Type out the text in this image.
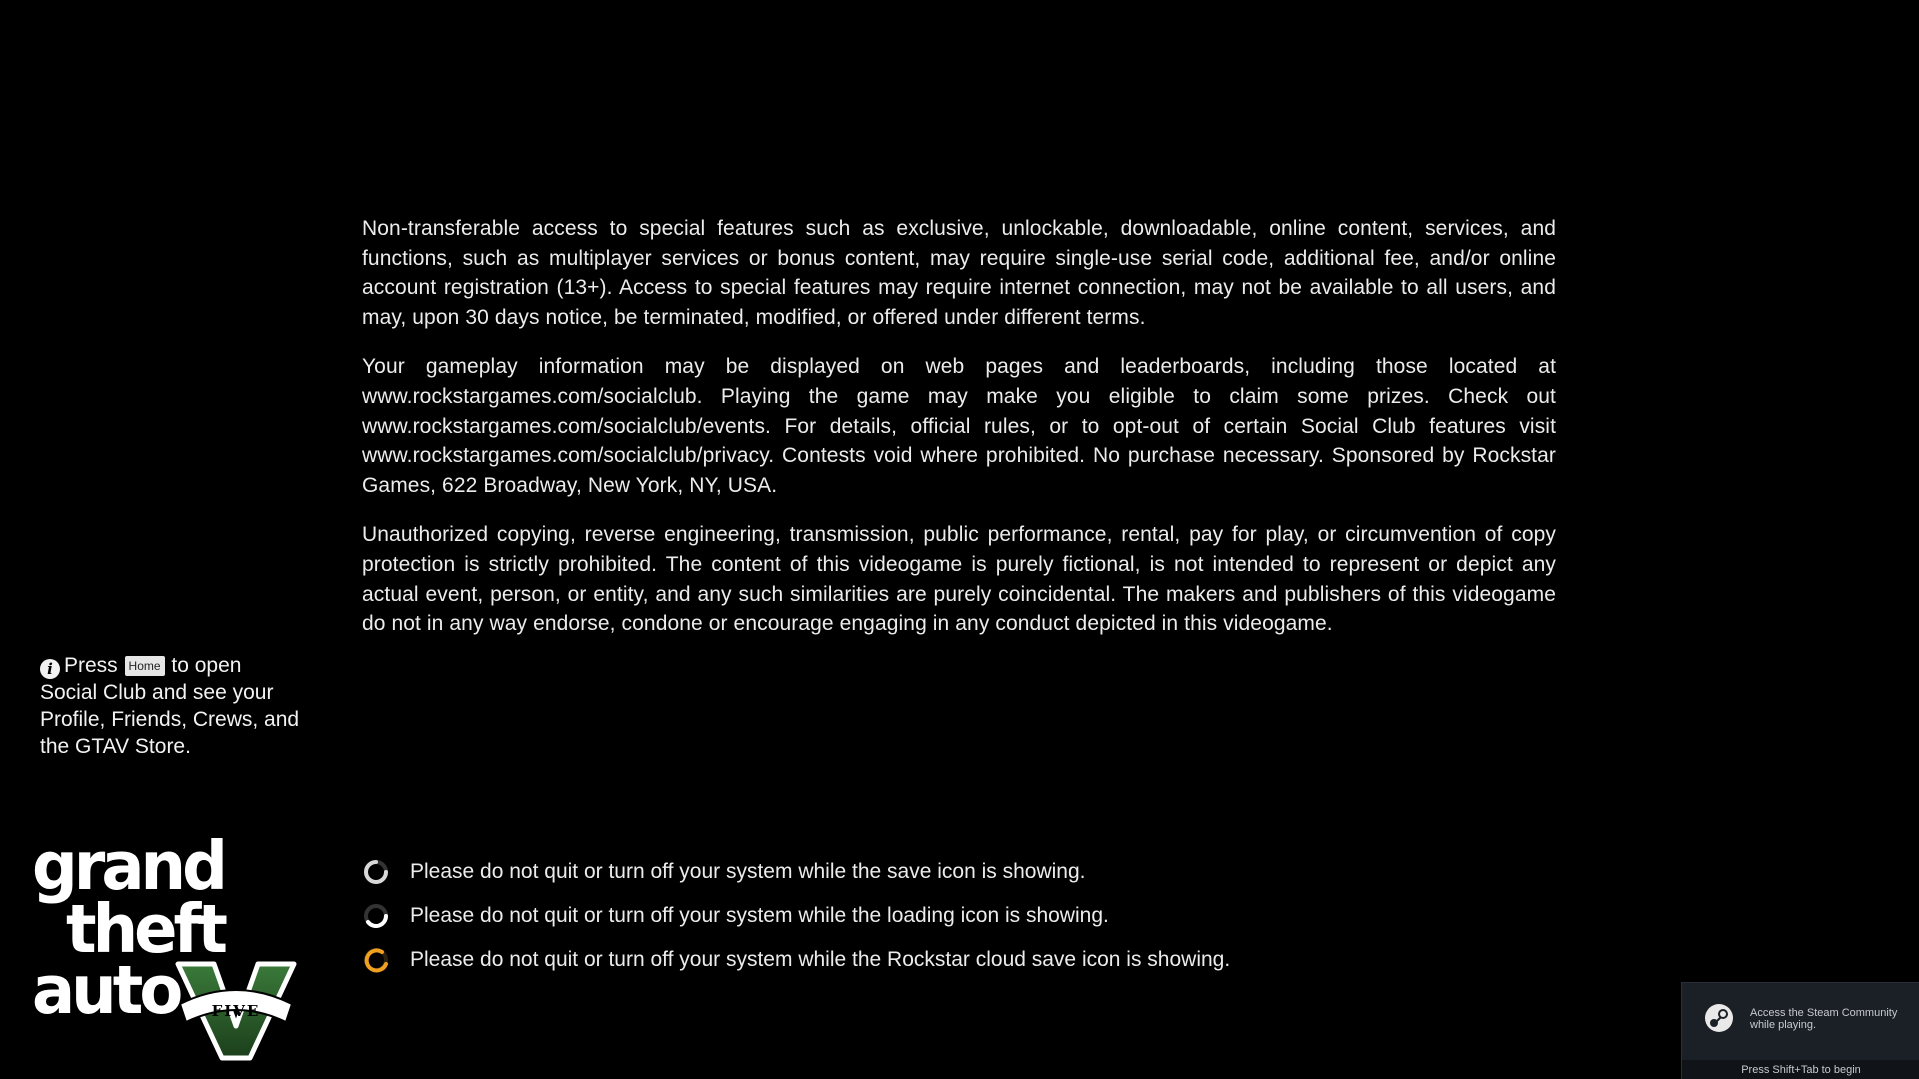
Non-transferable access to special features such as exclusive, unlockable, downloadable, online content, services, and functions, such as multiplayer services or bonus content, may require single-use serial code, additional fee, and/or online account registration (13+). Access to special features may require internet connection, may not be available to all users, and may, upon 30 days notice, be terminated, modified, or offered under different terms.

Your gameplay information may be displayed on web pages and leaderboards, including those located at www.rockstargames.com/socialclub. Playing the game may make you eligible to claim some prizes. Check out www.rockstargames.com/socialclub/events. For details, official rules, or to opt-out of certain Social Club features visit www.rockstargames.com/socialclub/privacy. Contests void where prohibited. No purchase necessary. Sponsored by Rockstar Games, 622 Broadway, New York, NY, USA.

Unauthorized copying, reverse engineering, transmission, public performance, rental, pay for play, or circumvention of copy protection is strictly prohibited. The content of this videogame is purely fictional, is not intended to represent or depict any actual event, person, or entity, and any such similarities are purely coincidental. The makers and publishers of this videogame do not in any way endorse, condone or encourage engaging in any conduct depicted in this videogame.

i Press Home to open Social Club and see your Profile, Friends, Crews, and the GTAV Store.
FIVE
grand
theft
auto
Please do not quit or turn off your system while the save icon is showing.
Please do not quit or turn off your system while the loading icon is showing.
Please do not quit or turn off your system while the Rockstar cloud save icon is showing.
Access the Steam Community while playing.
Press Shift+Tab to begin
